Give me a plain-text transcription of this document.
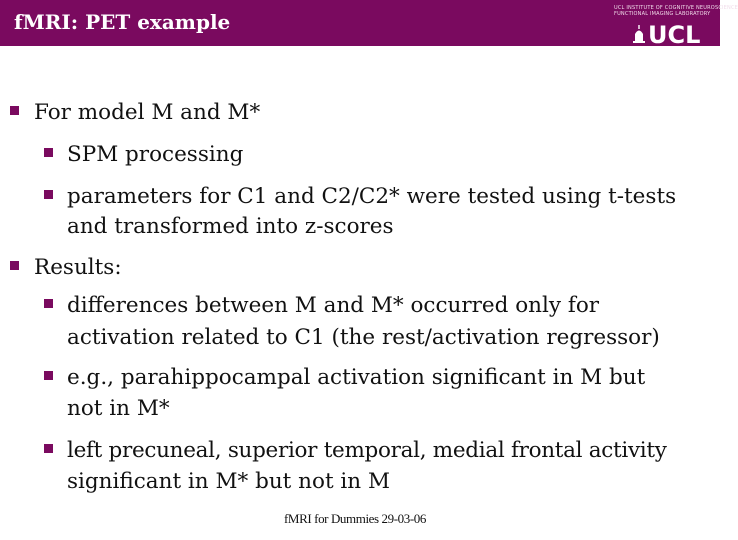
fMRI: PET example
UCL INSTITUTE OF COGNITIVE NEUROSCIENCE
FUNCTIONAL IMAGING LABORATORY
UCL
For model M and M*
SPM processing
parameters for C1 and C2/C2* were tested using t-tests
and transformed into z-scores
Results:
differences between M and M* occurred only for
activation related to C1 (the rest/activation regressor)
e.g., parahippocampal activation significant in M but
not in M*
left precuneal, superior temporal, medial frontal activity
significant in M* but not in M
fMRI for Dummies 29-03-06
